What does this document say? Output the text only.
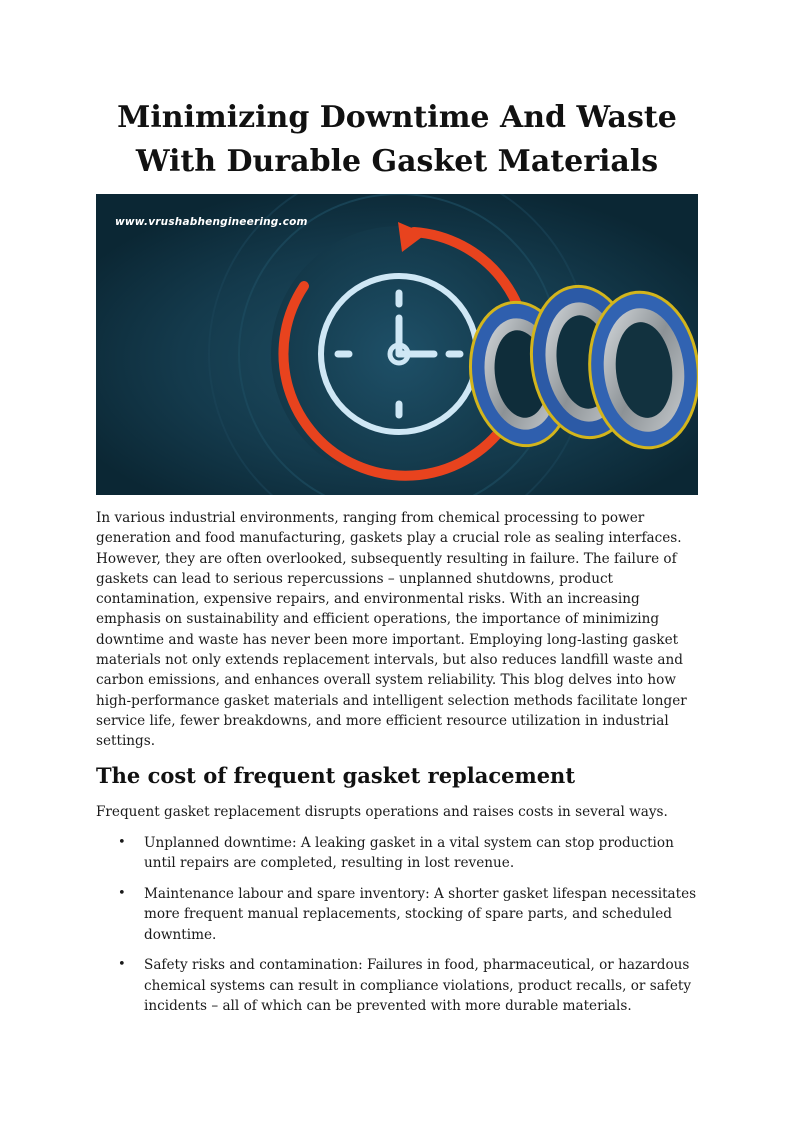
Minimizing Downtime And Waste
With Durable Gasket Materials
www.vrushabhengineering.com

In various industrial environments, ranging from chemical processing to power generation and food manufacturing, gaskets play a crucial role as sealing interfaces. However, they are often overlooked, subsequently resulting in failure. The failure of gaskets can lead to serious repercussions – unplanned shutdowns, product contamination, expensive repairs, and environmental risks. With an increasing emphasis on sustainability and efficient operations, the importance of minimizing downtime and waste has never been more important. Employing long-lasting gasket materials not only extends replacement intervals, but also reduces landfill waste and carbon emissions, and enhances overall system reliability. This blog delves into how high-performance gasket materials and intelligent selection methods facilitate longer service life, fewer breakdowns, and more efficient resource utilization in industrial settings.

The cost of frequent gasket replacement

Frequent gasket replacement disrupts operations and raises costs in several ways.

• Unplanned downtime: A leaking gasket in a vital system can stop production until repairs are completed, resulting in lost revenue.
• Maintenance labour and spare inventory: A shorter gasket lifespan necessitates more frequent manual replacements, stocking of spare parts, and scheduled downtime.
• Safety risks and contamination: Failures in food, pharmaceutical, or hazardous chemical systems can result in compliance violations, product recalls, or safety incidents – all of which can be prevented with more durable materials.
